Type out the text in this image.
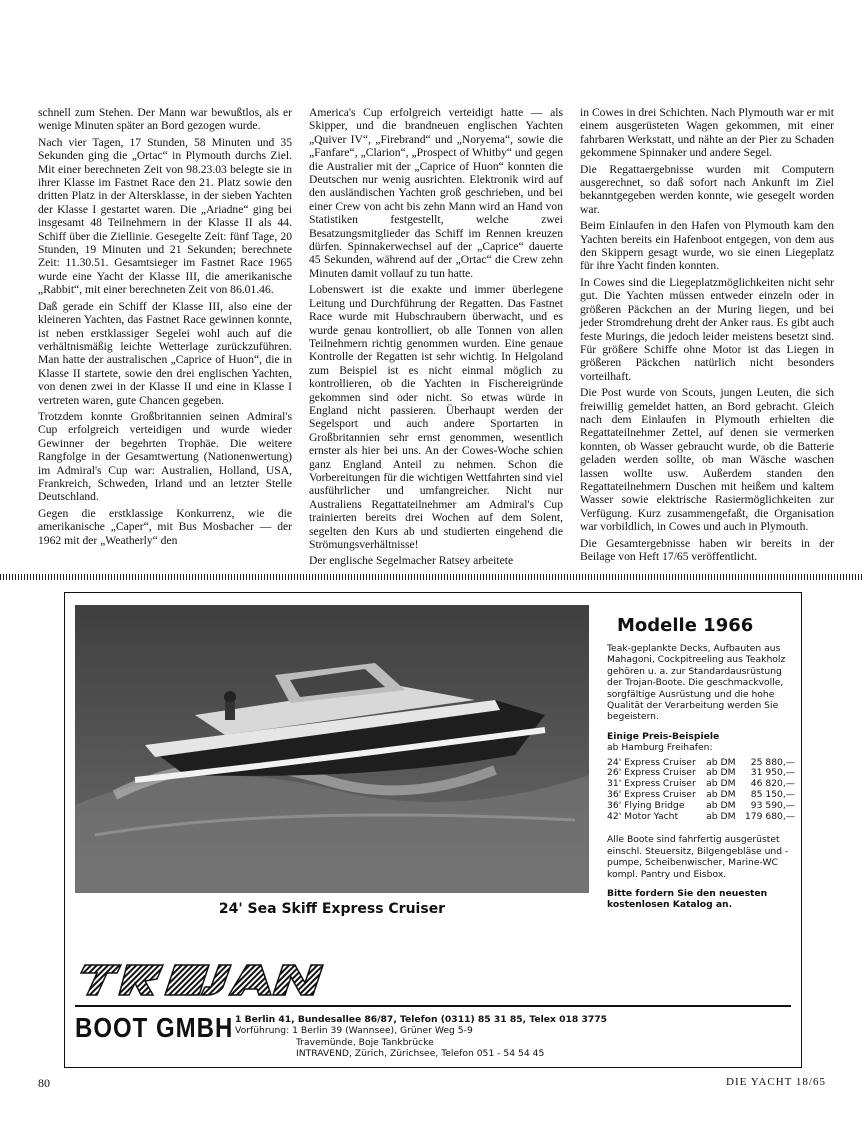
schnell zum Stehen. Der Mann war bewußtlos, als er wenige Minuten später an Bord gezogen wurde.

Nach vier Tagen, 17 Stunden, 58 Minuten und 35 Sekunden ging die „Ortac“ in Plymouth durchs Ziel. Mit einer berechneten Zeit von 98.23.03 belegte sie in ihrer Klasse im Fastnet Race den 21. Platz sowie den dritten Platz in der Altersklasse, in der sieben Yachten der Klasse I gestartet waren. Die „Ariadne“ ging bei insgesamt 48 Teilnehmern in der Klasse II als 44. Schiff über die Ziellinie. Gesegelte Zeit: fünf Tage, 20 Stunden, 19 Minuten und 21 Sekunden; berechnete Zeit: 11.30.51. Gesamtsieger im Fastnet Race 1965 wurde eine Yacht der Klasse III, die amerikanische „Rabbit“, mit einer berechneten Zeit von 86.01.46.

Daß gerade ein Schiff der Klasse III, also eine der kleineren Yachten, das Fastnet Race gewinnen konnte, ist neben erstklassiger Segelei wohl auch auf die verhältnismäßig leichte Wetterlage zurückzuführen. Man hatte der australischen „Caprice of Huon“, die in Klasse II startete, sowie den drei englischen Yachten, von denen zwei in der Klasse II und eine in Klasse I vertreten waren, gute Chancen gegeben.

Trotzdem konnte Großbritannien seinen Admiral's Cup erfolgreich verteidigen und wurde wieder Gewinner der begehrten Trophäe. Die weitere Rangfolge in der Gesamtwertung (Nationenwertung) im Admiral's Cup war: Australien, Holland, USA, Frankreich, Schweden, Irland und an letzter Stelle Deutschland.

Gegen die erstklassige Konkurrenz, wie die amerikanische „Caper“, mit Bus Mosbacher — der 1962 mit der „Weatherly“ den

America's Cup erfolgreich verteidigt hatte — als Skipper, und die brandneuen englischen Yachten „Quiver IV“, „Firebrand“ und „Noryema“, sowie die „Fanfare“, „Clarion“, „Prospect of Whitby“ und gegen die Australier mit der „Caprice of Huon“ konnten die Deutschen nur wenig ausrichten. Elektronik wird auf den ausländischen Yachten groß geschrieben, und bei einer Crew von acht bis zehn Mann wird an Hand von Statistiken festgestellt, welche zwei Besatzungsmitglieder das Schiff im Rennen kreuzen dürfen. Spinnakerwechsel auf der „Caprice“ dauerte 45 Sekunden, während auf der „Ortac“ die Crew zehn Minuten damit vollauf zu tun hatte.

Lobenswert ist die exakte und immer überlegene Leitung und Durchführung der Regatten. Das Fastnet Race wurde mit Hubschraubern überwacht, und es wurde genau kontrolliert, ob alle Tonnen von allen Teilnehmern richtig genommen wurden. Eine genaue Kontrolle der Regatten ist sehr wichtig. In Helgoland zum Beispiel ist es nicht einmal möglich zu kontrollieren, ob die Yachten in Fischereigründe gekommen sind oder nicht. So etwas würde in England nicht passieren. Überhaupt werden der Segelsport und auch andere Sportarten in Großbritannien sehr ernst genommen, wesentlich ernster als hier bei uns. An der Cowes-Woche schien ganz England Anteil zu nehmen. Schon die Vorbereitungen für die wichtigen Wettfahrten sind viel ausführlicher und umfangreicher. Nicht nur Australiens Regattateilnehmer am Admiral's Cup trainierten bereits drei Wochen auf dem Solent, segelten den Kurs ab und studierten eingehend die Strömungsverhältnisse!

Der englische Segelmacher Ratsey arbeitete

in Cowes in drei Schichten. Nach Plymouth war er mit einem ausgerüsteten Wagen gekommen, mit einer fahrbaren Werkstatt, und nähte an der Pier zu Schaden gekommene Spinnaker und andere Segel.

Die Regattaergebnisse wurden mit Computern ausgerechnet, so daß sofort nach Ankunft im Ziel bekanntgegeben werden konnte, wie gesegelt worden war.

Beim Einlaufen in den Hafen von Plymouth kam den Yachten bereits ein Hafenboot entgegen, von dem aus den Skippern gesagt wurde, wo sie einen Liegeplatz für ihre Yacht finden konnten.

In Cowes sind die Liegeplatzmöglichkeiten nicht sehr gut. Die Yachten müssen entweder einzeln oder in größeren Päckchen an der Muring liegen, und bei jeder Stromdrehung dreht der Anker raus. Es gibt auch feste Murings, die jedoch leider meistens besetzt sind. Für größere Schiffe ohne Motor ist das Liegen in größeren Päckchen natürlich nicht besonders vorteilhaft.

Die Post wurde von Scouts, jungen Leuten, die sich freiwillig gemeldet hatten, an Bord gebracht. Gleich nach dem Einlaufen in Plymouth erhielten die Regattateilnehmer Zettel, auf denen sie vermerken konnten, ob Wasser gebraucht wurde, ob die Batterie geladen werden sollte, ob man Wäsche waschen lassen wollte usw. Außerdem standen den Regattateilnehmern Duschen mit heißem und kaltem Wasser sowie elektrische Rasiermöglichkeiten zur Verfügung. Kurz zusammengefaßt, die Organisation war vorbildlich, in Cowes und auch in Plymouth.

Die Gesamtergebnisse haben wir bereits in der Beilage von Heft 17/65 veröffentlicht.

24' Sea Skiff Express Cruiser
Modelle 1966

Teak-geplankte Decks, Aufbauten aus Mahagoni, Cockpitreeling aus Teakholz gehören u. a. zur Standardausrüstung der Trojan-Boote. Die geschmackvolle, sorgfältige Ausrüstung und die hohe Qualität der Verarbeitung werden Sie begeistern.

Einige Preis-Beispiele
ab Hamburg Freihafen:

24' Express Cruiser	ab DM	25 880,—
26' Express Cruiser	ab DM	31 950,—
31' Express Cruiser	ab DM	46 820,—
36' Express Cruiser	ab DM	85 150,—
36' Flying Bridge	ab DM	93 590,—
42' Motor Yacht	ab DM	179 680,—

Alle Boote sind fahrfertig ausgerüstet einschl. Steuersitz, Bilgengebläse und -pumpe, Scheibenwischer, Marine-WC kompl. Pantry und Eisbox.

Bitte fordern Sie den neuesten kostenlosen Katalog an.

BOOT GMBH 1 Berlin 41, Bundesallee 86/87, Telefon (0311) 85 31 85, Telex 018 3775
Vorführung: 1 Berlin 39 (Wannsee), Grüner Weg 5-9
Travemünde, Boje Tankbrücke
INTRAVEND, Zürich, Zürichsee, Telefon 051 - 54 54 45
80	DIE YACHT 18/65
